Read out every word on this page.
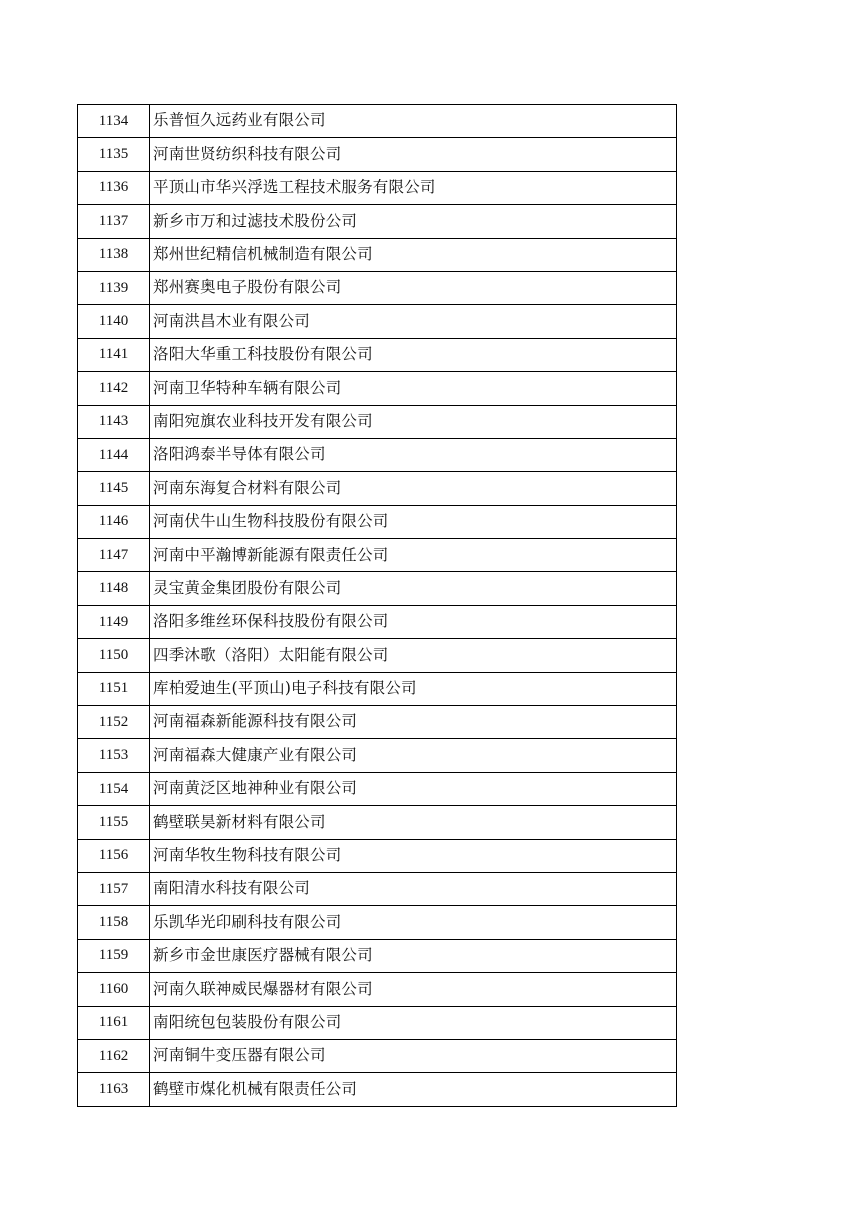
1134	乐普恒久远药业有限公司
1135	河南世贤纺织科技有限公司
1136	平顶山市华兴浮选工程技术服务有限公司
1137	新乡市万和过滤技术股份公司
1138	郑州世纪精信机械制造有限公司
1139	郑州赛奥电子股份有限公司
1140	河南洪昌木业有限公司
1141	洛阳大华重工科技股份有限公司
1142	河南卫华特种车辆有限公司
1143	南阳宛旗农业科技开发有限公司
1144	洛阳鸿泰半导体有限公司
1145	河南东海复合材料有限公司
1146	河南伏牛山生物科技股份有限公司
1147	河南中平瀚博新能源有限责任公司
1148	灵宝黄金集团股份有限公司
1149	洛阳多维丝环保科技股份有限公司
1150	四季沐歌（洛阳）太阳能有限公司
1151	库柏爱迪生(平顶山)电子科技有限公司
1152	河南福森新能源科技有限公司
1153	河南福森大健康产业有限公司
1154	河南黄泛区地神种业有限公司
1155	鹤壁联昊新材料有限公司
1156	河南华牧生物科技有限公司
1157	南阳清水科技有限公司
1158	乐凯华光印刷科技有限公司
1159	新乡市金世康医疗器械有限公司
1160	河南久联神威民爆器材有限公司
1161	南阳统包包装股份有限公司
1162	河南铜牛变压器有限公司
1163	鹤壁市煤化机械有限责任公司
